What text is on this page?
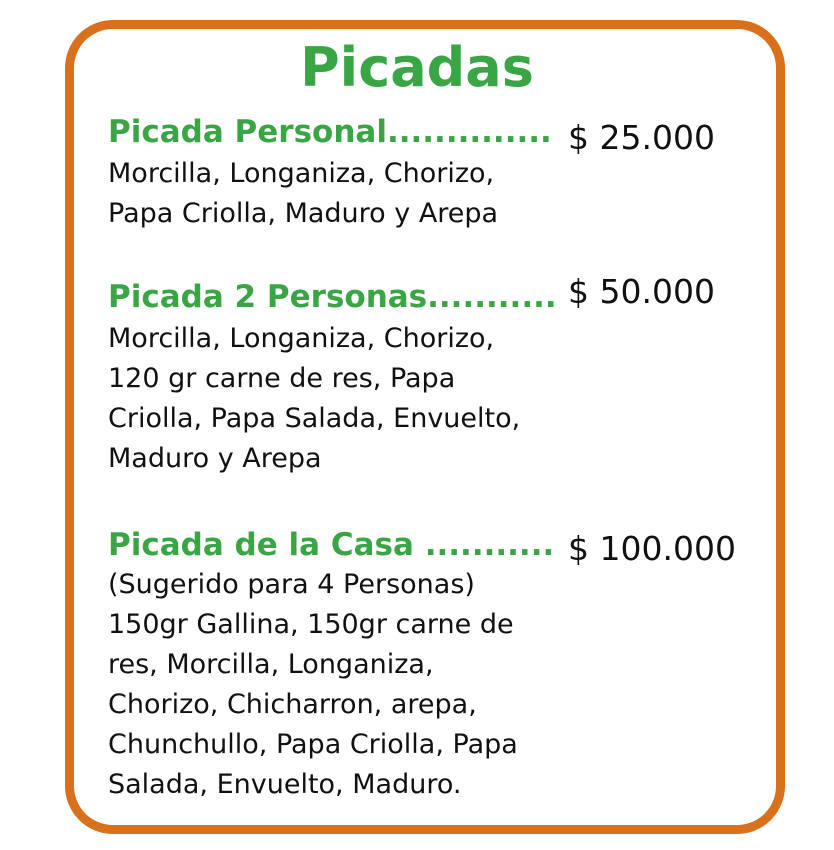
Picadas
Picada Personal.............. $ 25.000
Morcilla, Longaniza, Chorizo,
Papa Criolla, Maduro y Arepa
Picada 2 Personas........... $ 50.000
Morcilla, Longaniza, Chorizo,
120 gr carne de res, Papa
Criolla, Papa Salada, Envuelto,
Maduro y Arepa
Picada de la Casa ........... $ 100.000
(Sugerido para 4 Personas)
150gr Gallina, 150gr carne de
res, Morcilla, Longaniza,
Chorizo, Chicharron, arepa,
Chunchullo, Papa Criolla, Papa
Salada, Envuelto, Maduro.
